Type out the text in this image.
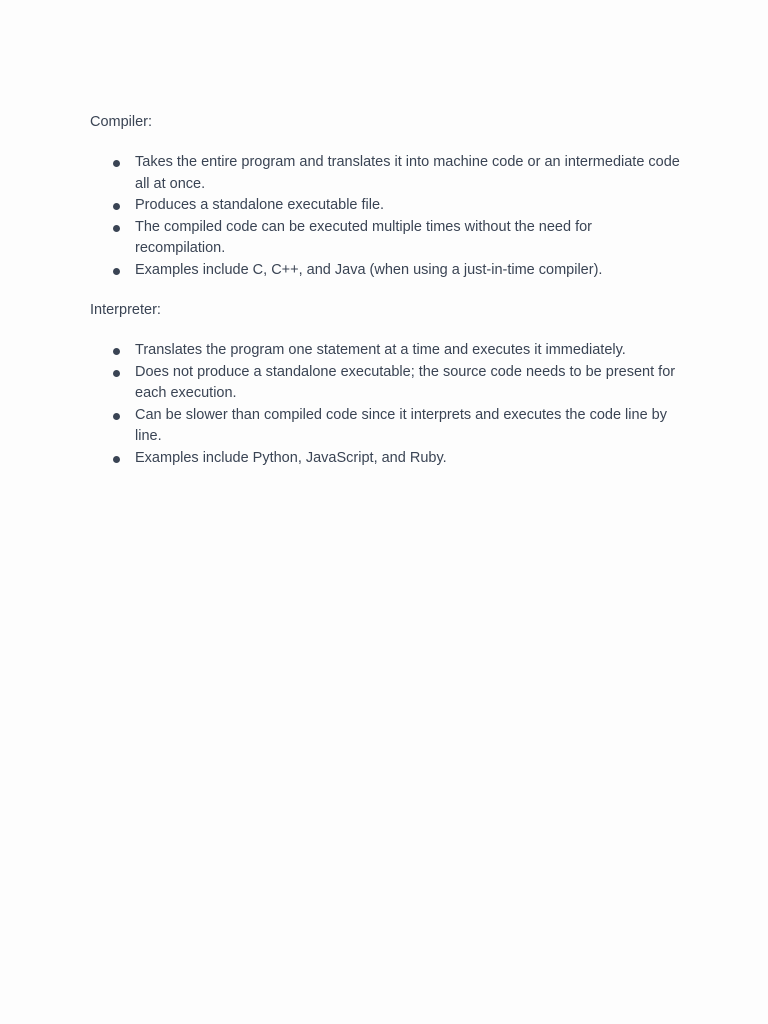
Compiler:

Takes the entire program and translates it into machine code or an intermediate code all at once.
Produces a standalone executable file.
The compiled code can be executed multiple times without the need for recompilation.
Examples include C, C++, and Java (when using a just-in-time compiler).

Interpreter:

Translates the program one statement at a time and executes it immediately.
Does not produce a standalone executable; the source code needs to be present for each execution.
Can be slower than compiled code since it interprets and executes the code line by line.
Examples include Python, JavaScript, and Ruby.
